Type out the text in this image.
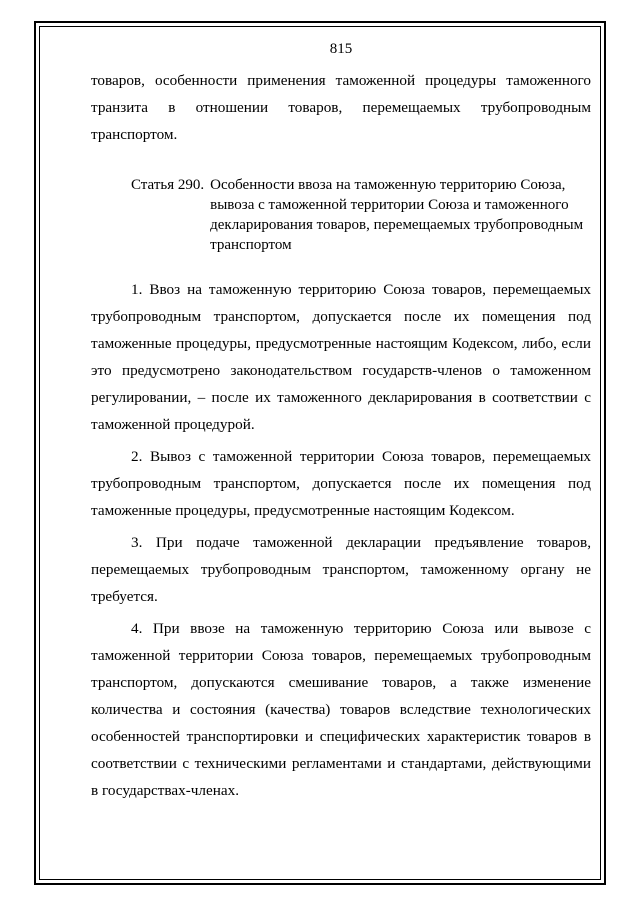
815

товаров, особенности применения таможенной процедуры таможенного транзита в отношении товаров, перемещаемых трубопроводным транспортом.

Статья 290. Особенности ввоза на таможенную территорию Союза, вывоза с таможенной территории Союза и таможенного декларирования товаров, перемещаемых трубопроводным транспортом

1. Ввоз на таможенную территорию Союза товаров, перемещаемых трубопроводным транспортом, допускается после их помещения под таможенные процедуры, предусмотренные настоящим Кодексом, либо, если это предусмотрено законодательством государств-членов о таможенном регулировании, – после их таможенного декларирования в соответствии с таможенной процедурой.

2. Вывоз с таможенной территории Союза товаров, перемещаемых трубопроводным транспортом, допускается после их помещения под таможенные процедуры, предусмотренные настоящим Кодексом.

3. При подаче таможенной декларации предъявление товаров, перемещаемых трубопроводным транспортом, таможенному органу не требуется.

4. При ввозе на таможенную территорию Союза или вывозе с таможенной территории Союза товаров, перемещаемых трубопроводным транспортом, допускаются смешивание товаров, а также изменение количества и состояния (качества) товаров вследствие технологических особенностей транспортировки и специфических характеристик товаров в соответствии с техническими регламентами и стандартами, действующими в государствах-членах.
